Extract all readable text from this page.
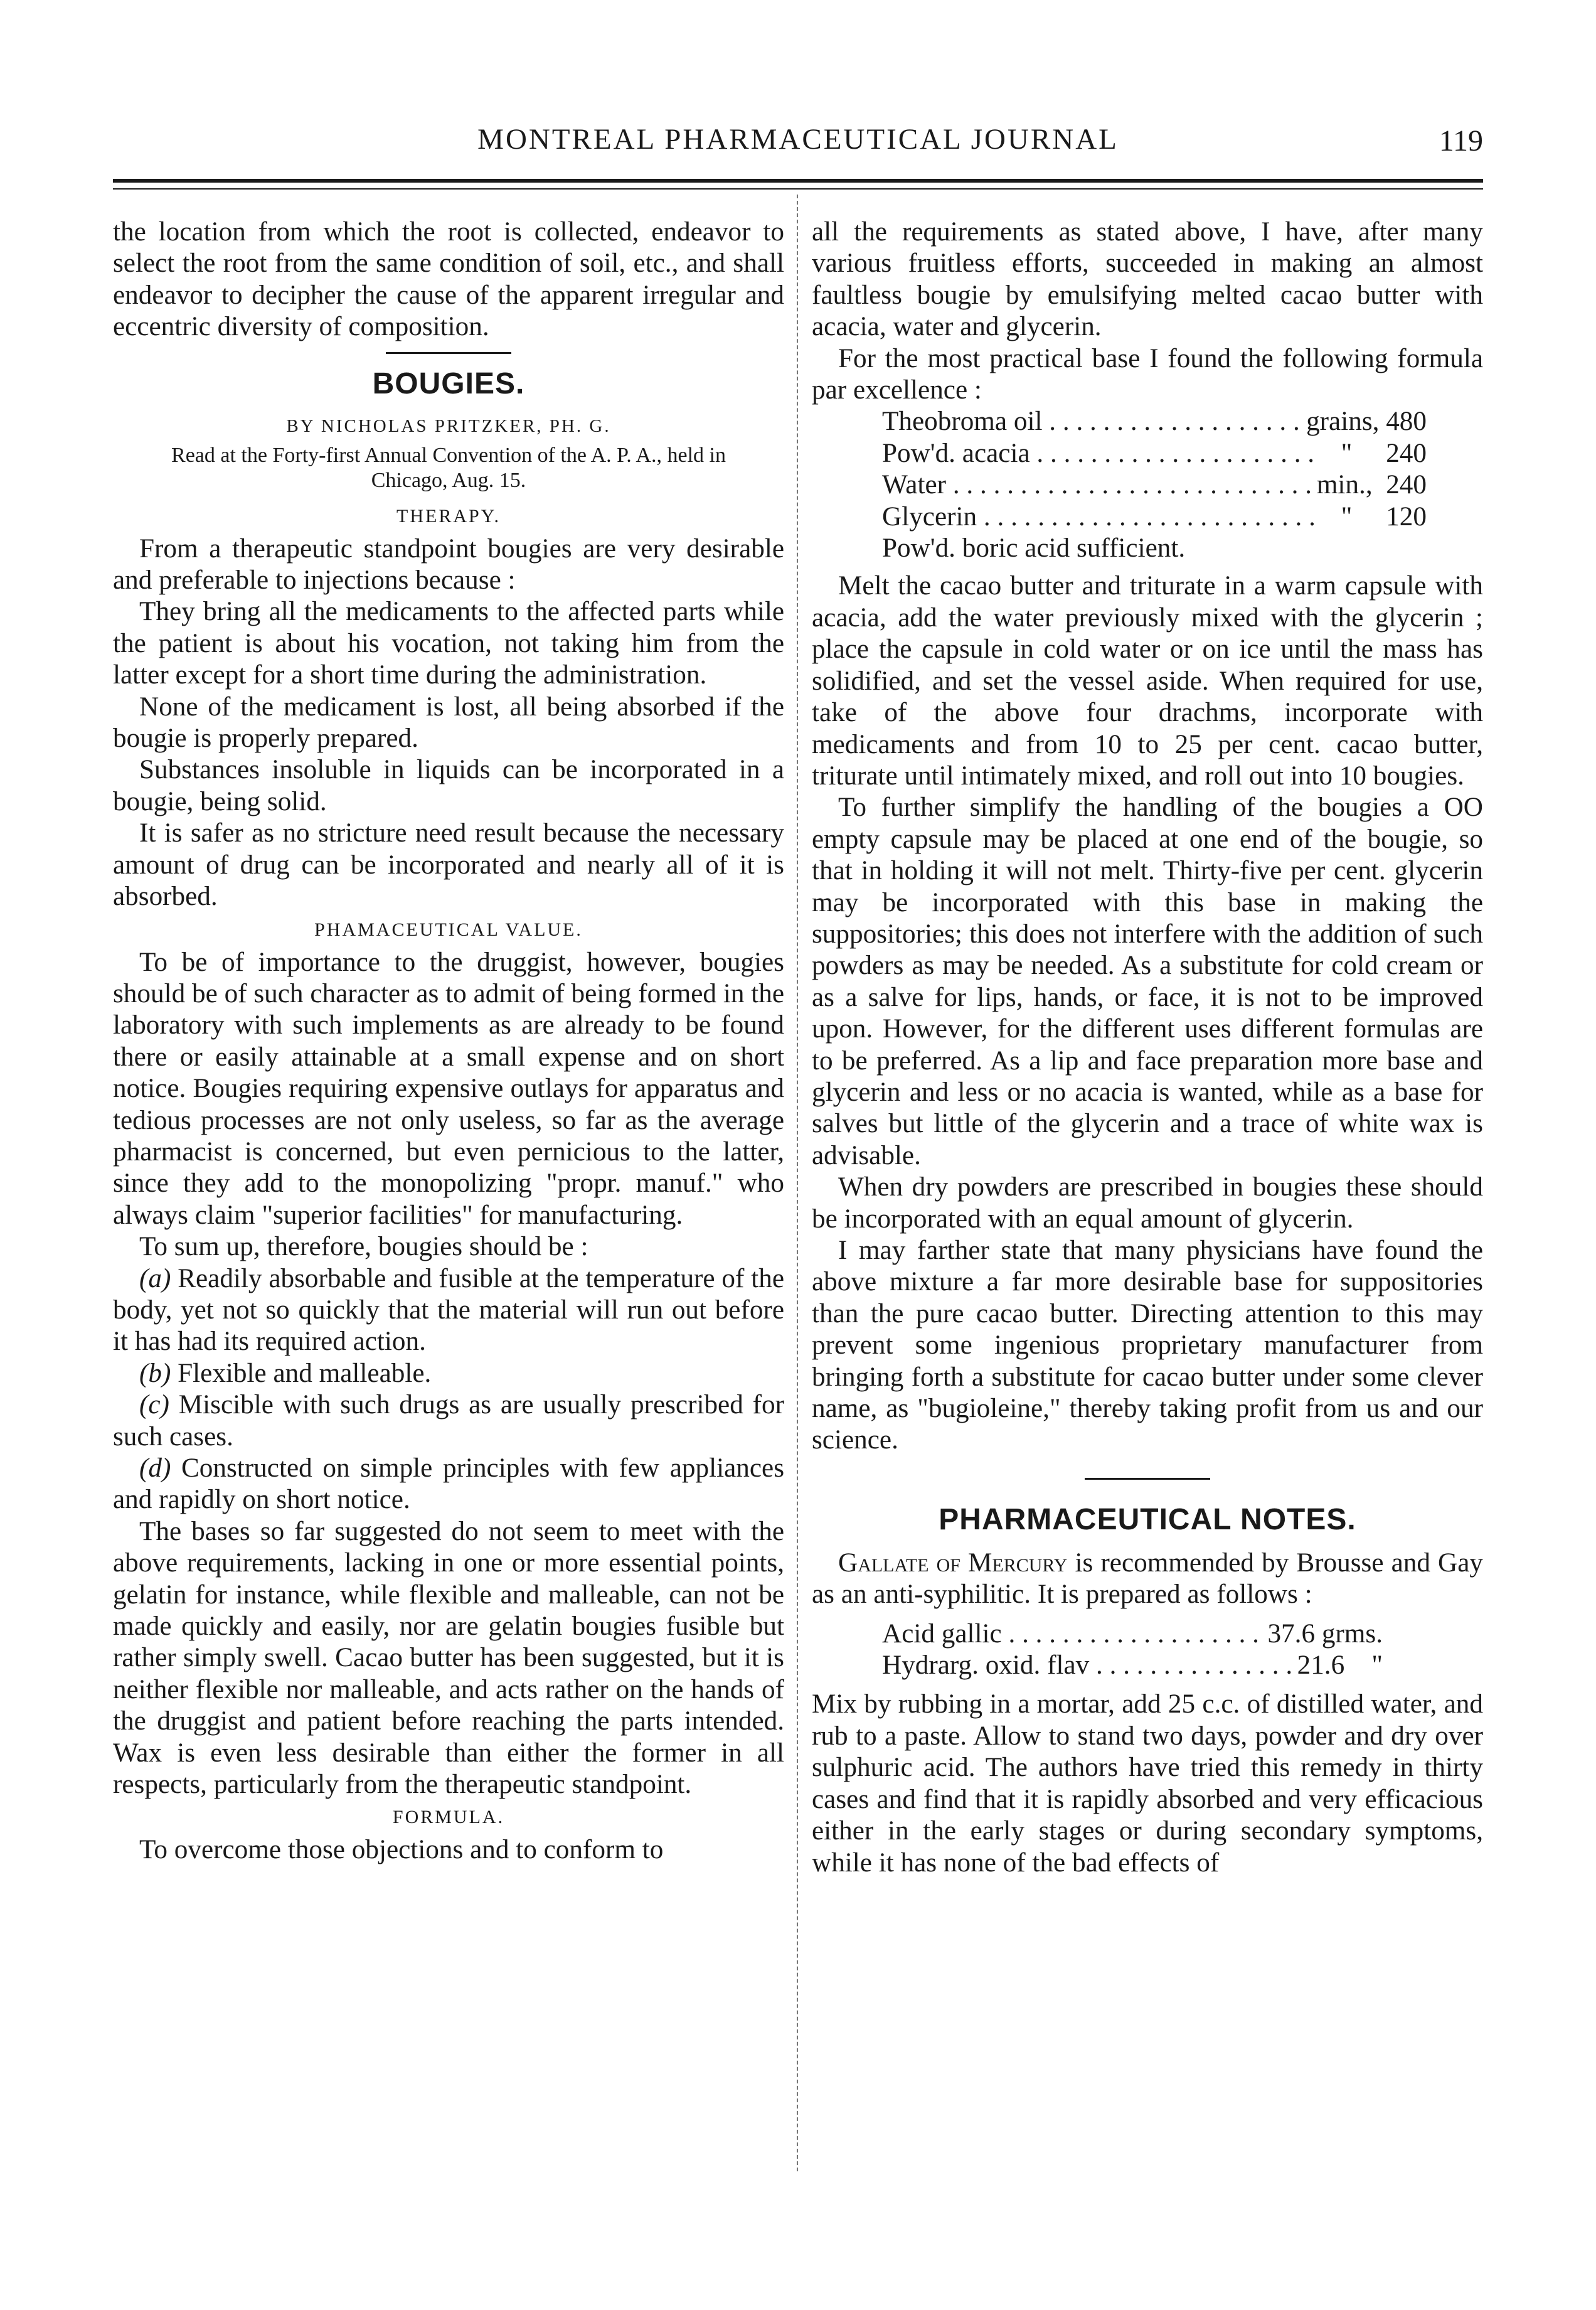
MONTREAL PHARMACEUTICAL JOURNAL	119

the location from which the root is collected, endeavor to select the root from the same condition of soil, etc., and shall endeavor to decipher the cause of the apparent irregular and eccentric diversity of composition.

BOUGIES.
BY NICHOLAS PRITZKER, PH. G.
Read at the Forty-first Annual Convention of the A. P. A., held in Chicago, Aug. 15.
THERAPY.

From a therapeutic standpoint bougies are very desirable and preferable to injections because :

They bring all the medicaments to the affected parts while the patient is about his vocation, not taking him from the latter except for a short time during the administration.

None of the medicament is lost, all being absorbed if the bougie is properly prepared.

Substances insoluble in liquids can be incorporated in a bougie, being solid.

It is safer as no stricture need result because the necessary amount of drug can be incorporated and nearly all of it is absorbed.

PHAMACEUTICAL VALUE.

To be of importance to the druggist, however, bougies should be of such character as to admit of being formed in the laboratory with such implements as are already to be found there or easily attainable at a small expense and on short notice. Bougies requiring expensive outlays for apparatus and tedious processes are not only useless, so far as the average pharmacist is concerned, but even pernicious to the latter, since they add to the monopolizing "propr. manuf." who always claim "superior facilities" for manufacturing.

To sum up, therefore, bougies should be :

(a) Readily absorbable and fusible at the temperature of the body, yet not so quickly that the material will run out before it has had its required action.

(b) Flexible and malleable.

(c) Miscible with such drugs as are usually prescribed for such cases.

(d) Constructed on simple principles with few appliances and rapidly on short notice.

The bases so far suggested do not seem to meet with the above requirements, lacking in one or more essential points, gelatin for instance, while flexible and malleable, can not be made quickly and easily, nor are gelatin bougies fusible but rather simply swell. Cacao butter has been suggested, but it is neither flexible nor malleable, and acts rather on the hands of the druggist and patient before reaching the parts intended. Wax is even less desirable than either the former in all respects, particularly from the therapeutic standpoint.

FORMULA.

To overcome those objections and to conform to

all the requirements as stated above, I have, after many various fruitless efforts, succeeded in making an almost faultless bougie by emulsifying melted cacao butter with acacia, water and glycerin.

For the most practical base I found the following formula par excellence :

Theobroma oil . . .	grains, 480
Pow'd. acacia . . .	"     240
Water . . .	min.,  240
Glycerin . . .	"     120
Pow'd. boric acid sufficient.

Melt the cacao butter and triturate in a warm capsule with acacia, add the water previously mixed with the glycerin ; place the capsule in cold water or on ice until the mass has solidified, and set the vessel aside. When required for use, take of the above four drachms, incorporate with medicaments and from 10 to 25 per cent. cacao butter, triturate until intimately mixed, and roll out into 10 bougies.

To further simplify the handling of the bougies a OO empty capsule may be placed at one end of the bougie, so that in holding it will not melt. Thirty-five per cent. glycerin may be incorporated with this base in making the suppositories; this does not interfere with the addition of such powders as may be needed. As a substitute for cold cream or as a salve for lips, hands, or face, it is not to be improved upon. However, for the different uses different formulas are to be preferred. As a lip and face preparation more base and glycerin and less or no acacia is wanted, while as a base for salves but little of the glycerin and a trace of white wax is advisable.

When dry powders are prescribed in bougies these should be incorporated with an equal amount of glycerin.

I may farther state that many physicians have found the above mixture a far more desirable base for suppositories than the pure cacao butter. Directing attention to this may prevent some ingenious proprietary manufacturer from bringing forth a substitute for cacao butter under some clever name, as "bugioleine," thereby taking profit from us and our science.

PHARMACEUTICAL NOTES.

Gallate of Mercury is recommended by Brousse and Gay as an anti-syphilitic. It is prepared as follows :

Acid gallic . . .	37.6 grms.
Hydrarg. oxid. flav . . .	21.6    "

Mix by rubbing in a mortar, add 25 c.c. of distilled water, and rub to a paste. Allow to stand two days, powder and dry over sulphuric acid. The authors have tried this remedy in thirty cases and find that it is rapidly absorbed and very efficacious either in the early stages or during secondary symptoms, while it has none of the bad effects of
